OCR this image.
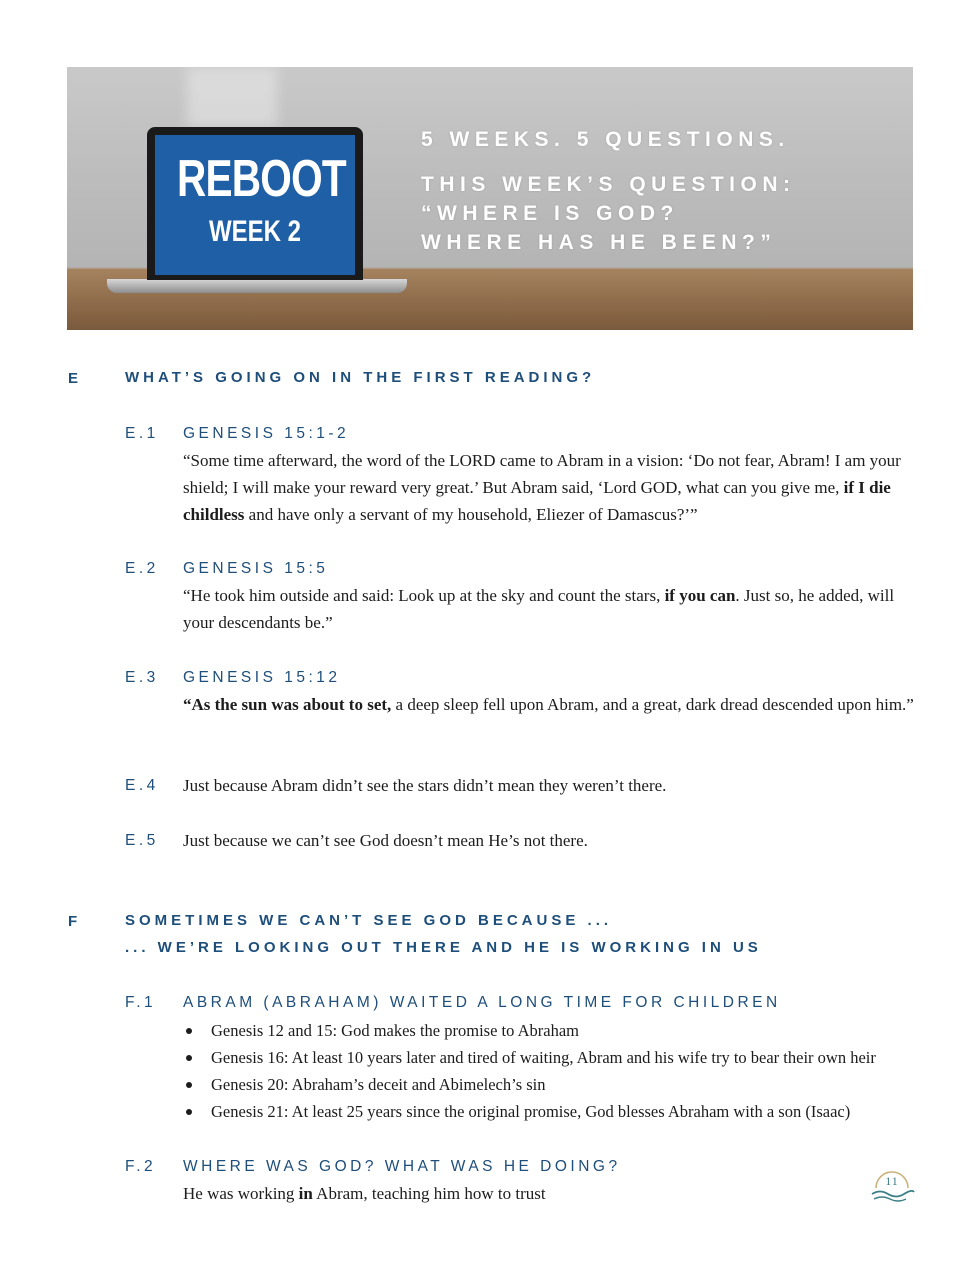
REBOOT
WEEK 2
5 WEEKS. 5 QUESTIONS.
THIS WEEK’S QUESTION:
“WHERE IS GOD?
WHERE HAS HE BEEN?”
E	WHAT’S GOING ON IN THE FIRST READING?
E.1 GENESIS 15:1-2
“Some time afterward, the word of the LORD came to Abram in a vision: ‘Do not fear, Abram! I am your shield; I will make your reward very great.’ But Abram said, ‘Lord GOD, what can you give me, if I die childless and have only a servant of my household, Eliezer of Damascus?’”
E.2 GENESIS 15:5
“He took him outside and said: Look up at the sky and count the stars, if you can. Just so, he added, will your descendants be.”
E.3 GENESIS 15:12
“As the sun was about to set, a deep sleep fell upon Abram, and a great, dark dread descended upon him.”
E.4 Just because Abram didn’t see the stars didn’t mean they weren’t there.
E.5 Just because we can’t see God doesn’t mean He’s not there.
F	SOMETIMES WE CAN’T SEE GOD BECAUSE ...
... WE’RE LOOKING OUT THERE AND HE IS WORKING IN US
F.1 ABRAM (ABRAHAM) WAITED A LONG TIME FOR CHILDREN
Genesis 12 and 15: God makes the promise to Abraham
Genesis 16: At least 10 years later and tired of waiting, Abram and his wife try to bear their own heir
Genesis 20: Abraham’s deceit and Abimelech’s sin
Genesis 21: At least 25 years since the original promise, God blesses Abraham with a son (Isaac)
F.2 WHERE WAS GOD? WHAT WAS HE DOING?
He was working in Abram, teaching him how to trust
11
